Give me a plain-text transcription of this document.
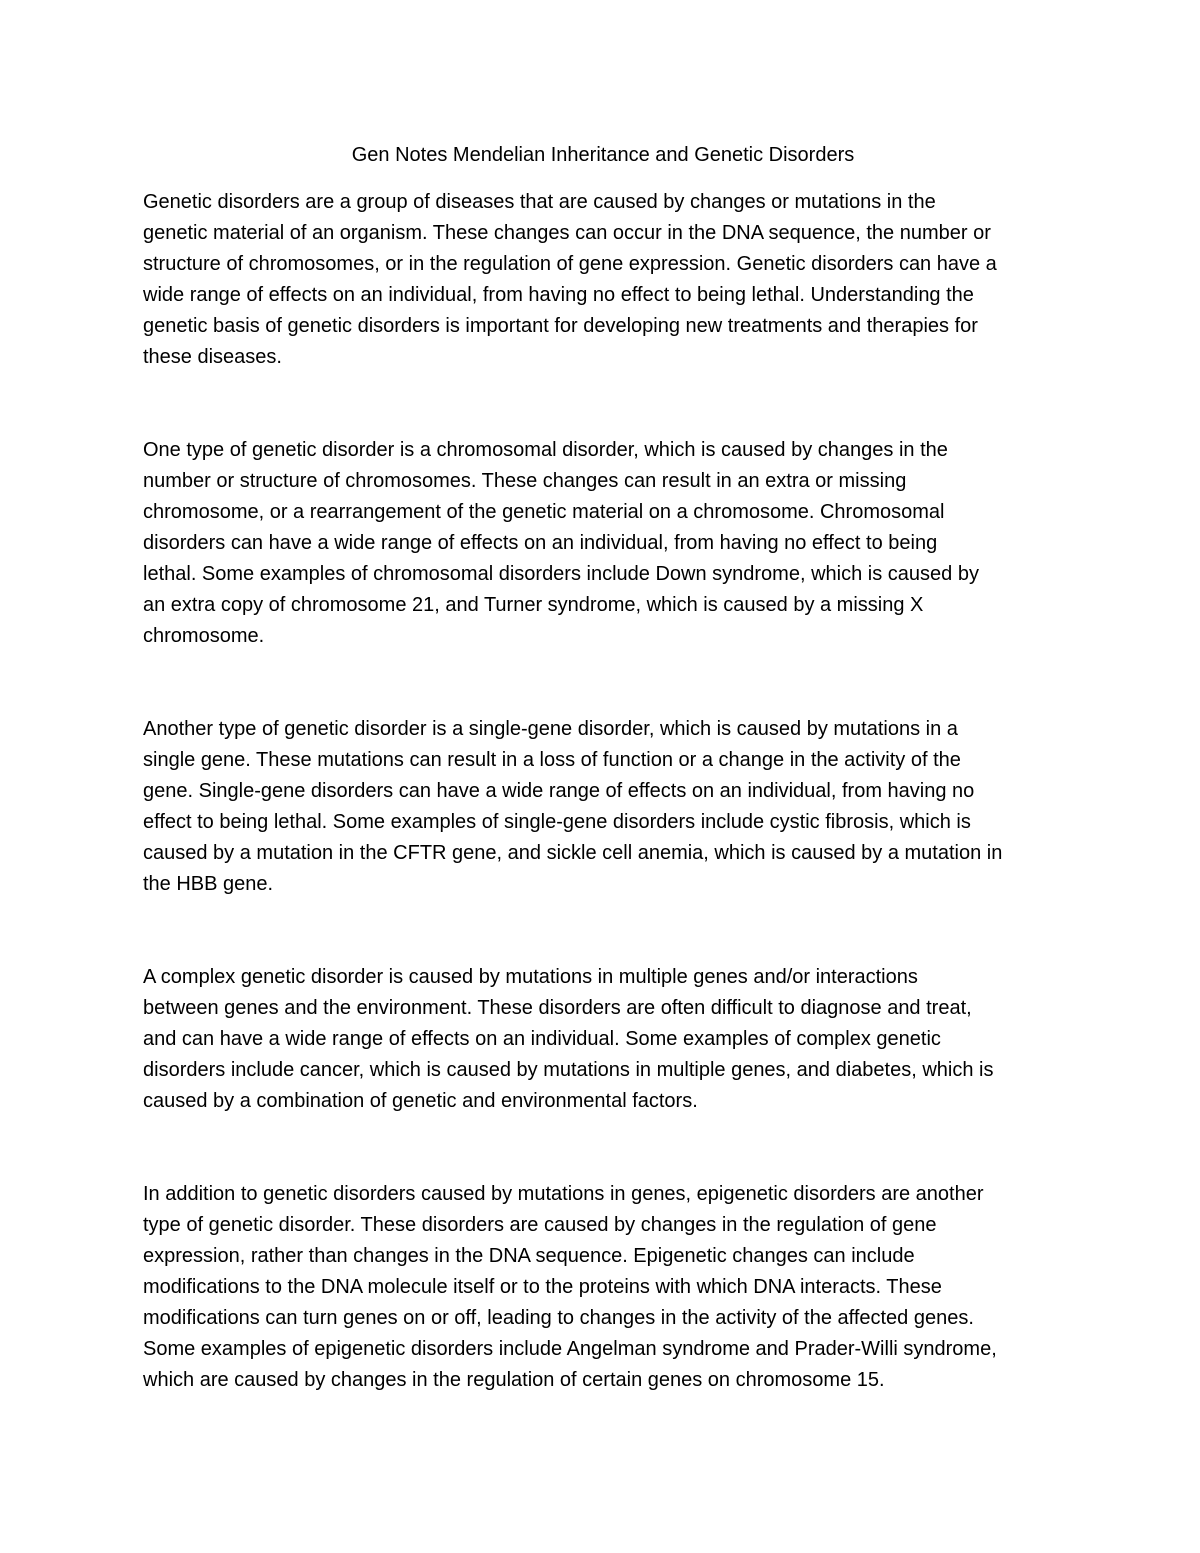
Gen Notes Mendelian Inheritance and Genetic Disorders

Genetic disorders are a group of diseases that are caused by changes or mutations in the
genetic material of an organism. These changes can occur in the DNA sequence, the number or
structure of chromosomes, or in the regulation of gene expression. Genetic disorders can have a
wide range of effects on an individual, from having no effect to being lethal. Understanding the
genetic basis of genetic disorders is important for developing new treatments and therapies for
these diseases.

One type of genetic disorder is a chromosomal disorder, which is caused by changes in the
number or structure of chromosomes. These changes can result in an extra or missing
chromosome, or a rearrangement of the genetic material on a chromosome. Chromosomal
disorders can have a wide range of effects on an individual, from having no effect to being
lethal. Some examples of chromosomal disorders include Down syndrome, which is caused by
an extra copy of chromosome 21, and Turner syndrome, which is caused by a missing X
chromosome.

Another type of genetic disorder is a single-gene disorder, which is caused by mutations in a
single gene. These mutations can result in a loss of function or a change in the activity of the
gene. Single-gene disorders can have a wide range of effects on an individual, from having no
effect to being lethal. Some examples of single-gene disorders include cystic fibrosis, which is
caused by a mutation in the CFTR gene, and sickle cell anemia, which is caused by a mutation in
the HBB gene.

A complex genetic disorder is caused by mutations in multiple genes and/or interactions
between genes and the environment. These disorders are often difficult to diagnose and treat,
and can have a wide range of effects on an individual. Some examples of complex genetic
disorders include cancer, which is caused by mutations in multiple genes, and diabetes, which is
caused by a combination of genetic and environmental factors.

In addition to genetic disorders caused by mutations in genes, epigenetic disorders are another
type of genetic disorder. These disorders are caused by changes in the regulation of gene
expression, rather than changes in the DNA sequence. Epigenetic changes can include
modifications to the DNA molecule itself or to the proteins with which DNA interacts. These
modifications can turn genes on or off, leading to changes in the activity of the affected genes.
Some examples of epigenetic disorders include Angelman syndrome and Prader-Willi syndrome,
which are caused by changes in the regulation of certain genes on chromosome 15.
